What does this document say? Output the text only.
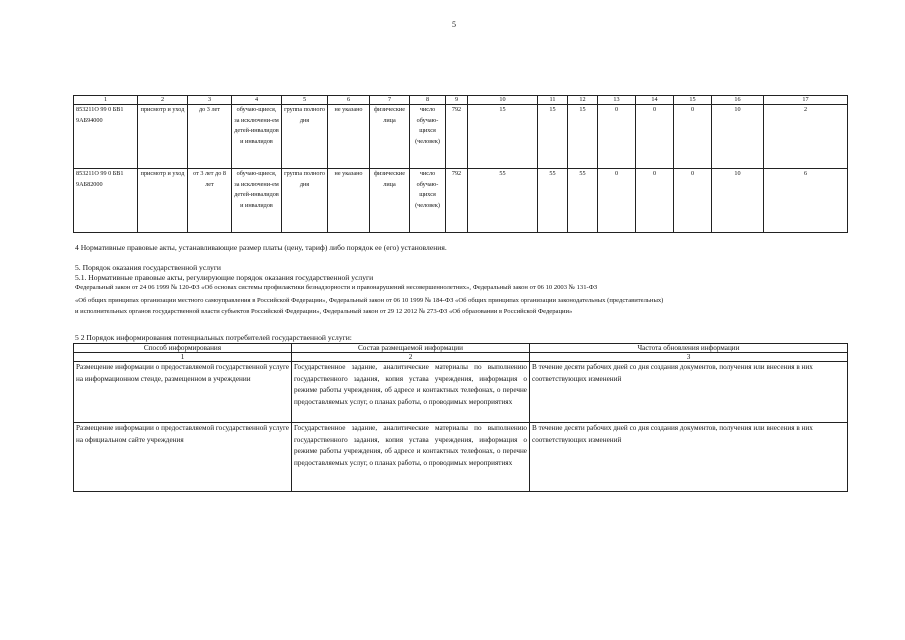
5
1	2	3	4	5	6	7	8	9	10	11	12	13	14	15	16	17
853211О 99 0 БВ1 9АБ94000	присмотр и уход	до 3 лет	обучаю-щиеся, за исключени-ем детей-инвалидов и инвалидов	группа полного дня	не указано	физические лица	число обучаю-щихся (человек)	792	15	15	15	0	0	0	10	2
853211О 99 0 БВ1 9АБ82000	присмотр и уход	от 3 лет до 8 лет	обучаю-щиеся, за исключени-ем детей-инвалидов и инвалидов	группа полного дня	не указано	физические лица	число обучаю-щихся (человек)	792	55	55	55	0	0	0	10	6
4 Нормативные правовые акты, устанавливающие размер платы (цену, тариф) либо порядок ее (его) установления.
5. Порядок оказания государственной услуги
5.1. Нормативные правовые акты, регулирующие порядок оказания государственной услуги
Федеральный закон от 24 06 1999 № 120-ФЗ «Об основах системы профилактики безнадзорности и правонарушений несовершеннолетних», Федеральный закон от 06 10 2003 № 131-ФЗ
«Об общих принципах организации местного самоуправления в Российской Федерации», Федеральный закон от 06 10 1999 № 184-ФЗ «Об общих принципах организации законодательных (представительных)
и исполнительных органов государственной власти субъектов Российской Федерации», Федеральный закон от 29 12 2012 № 273-ФЗ «Об образовании в Российской Федерации»
5 2 Порядок информирования потенциальных потребителей государственной услуги:
Способ информирования	Состав размещаемой информации	Частота обновления информации
1	2	3
Размещение информации о предоставляемой государственной услуге на информационном стенде, размещенном в учреждении	Государственное задание, аналитические материалы по выполнению государственного задания, копия устава учреждения, информация о режиме работы учреждения, об адресе и контактных телефонах, о перечне предоставляемых услуг, о планах работы, о проводимых мероприятиях	В течение десяти рабочих дней со дня создания документов, получения или внесения в них соответствующих изменений
Размещение информации о предоставляемой государственной услуге на официальном сайте учреждения	Государственное задание, аналитические материалы по выполнению государственного задания, копия устава учреждения, информация о режиме работы учреждения, об адресе и контактных телефонах, о перечне предоставляемых услуг, о планах работы, о проводимых мероприятиях	В течение десяти рабочих дней со дня создания документов, получения или внесения в них соответствующих изменений
